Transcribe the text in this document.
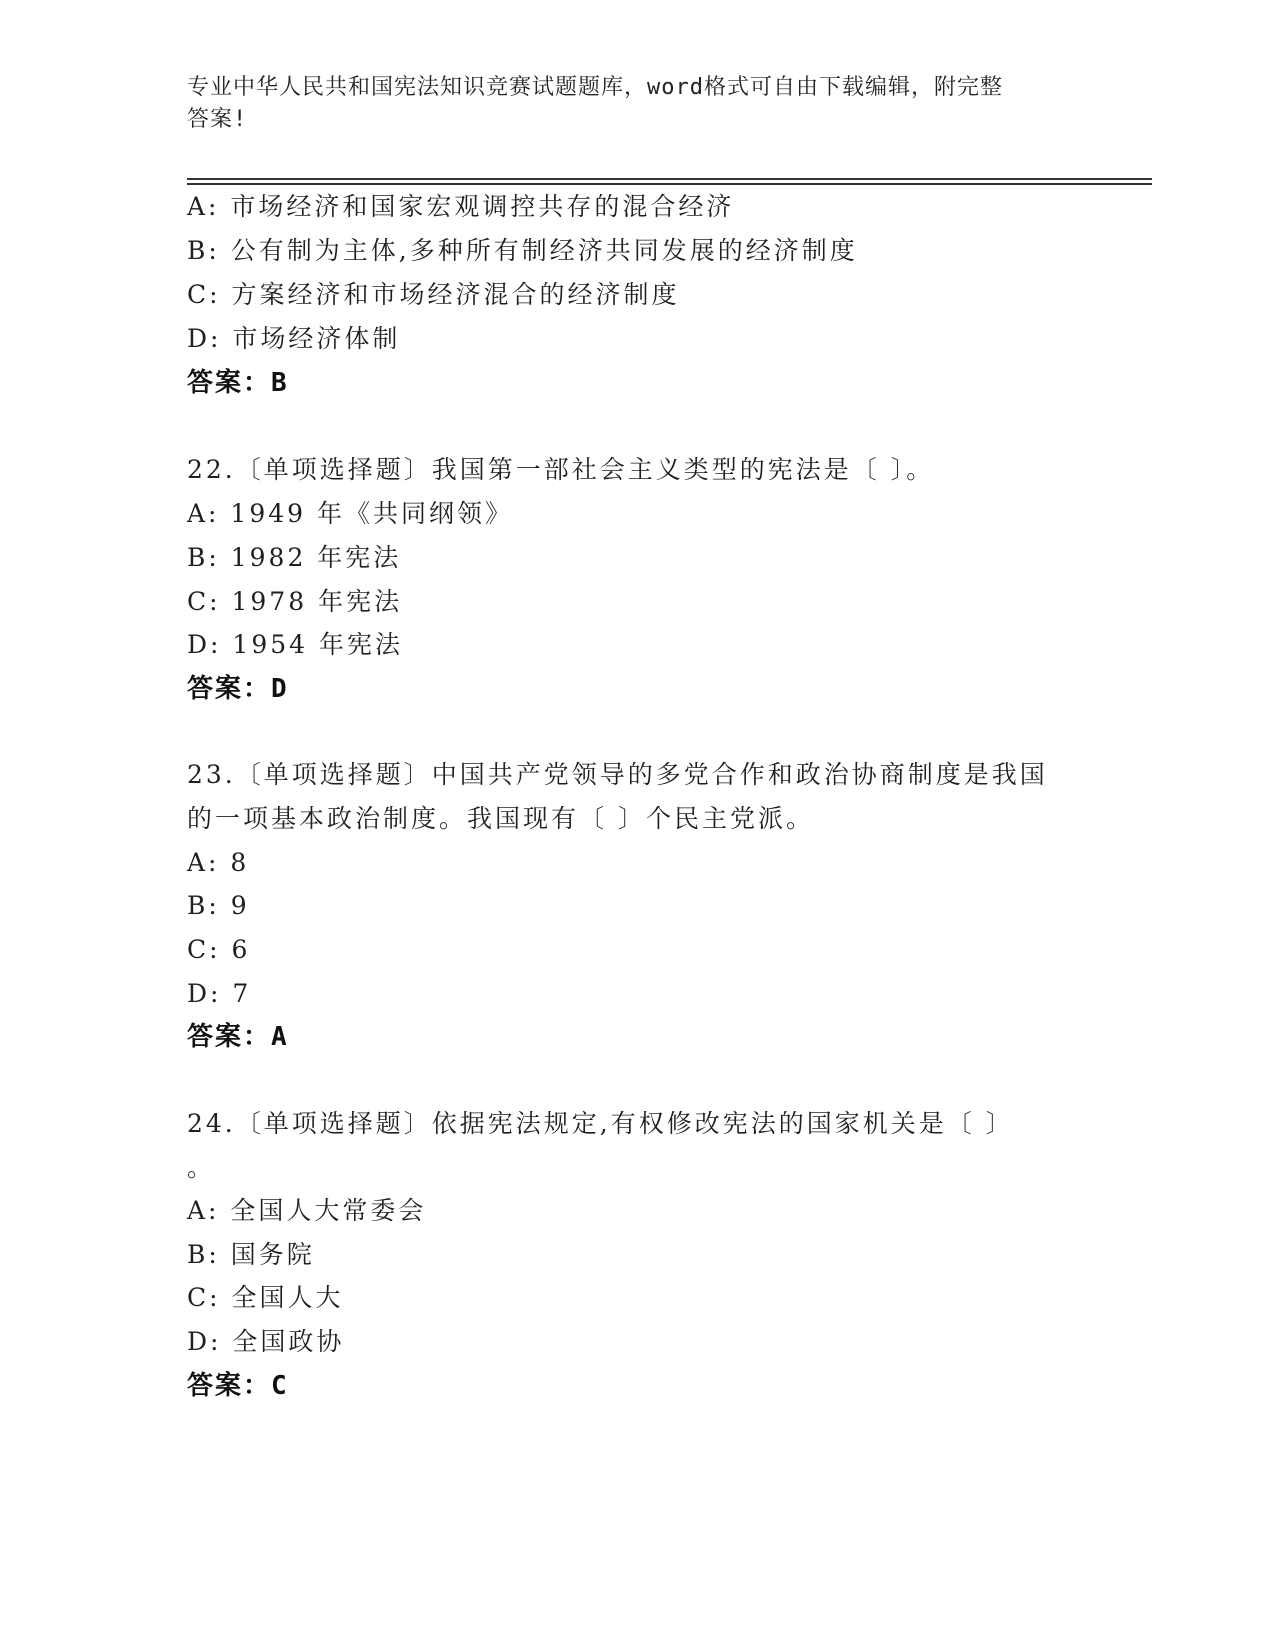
专业中华人民共和国宪法知识竞赛试题题库，word格式可自由下载编辑，附完整
答案!
A: 市场经济和国家宏观调控共存的混合经济
B: 公有制为主体,多种所有制经济共同发展的经济制度
C: 方案经济和市场经济混合的经济制度
D: 市场经济体制
答案：B
22.〔单项选择题〕我国第一部社会主义类型的宪法是〔 〕。
A: 1949 年《共同纲领》
B: 1982 年宪法
C: 1978 年宪法
D: 1954 年宪法
答案：D
23.〔单项选择题〕中国共产党领导的多党合作和政治协商制度是我国
的一项基本政治制度。我国现有〔 〕个民主党派。
A: 8
B: 9
C: 6
D: 7
答案：A
24.〔单项选择题〕依据宪法规定,有权修改宪法的国家机关是〔 〕
。
A: 全国人大常委会
B: 国务院
C: 全国人大
D: 全国政协
答案：C
